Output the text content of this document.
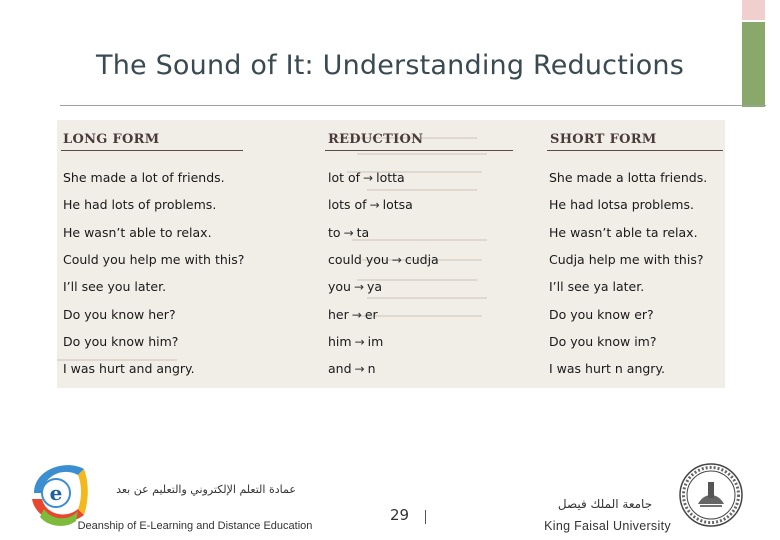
The Sound of It: Understanding Reductions
LONG FORM	REDUCTION	SHORT FORM
She made a lot of friends.	lot of → lotta	She made a lotta friends.
He had lots of problems.	lots of → lotsa	He had lotsa problems.
He wasn’t able to relax.	to → ta	He wasn’t able ta relax.
Could you help me with this?	could you → cudja	Cudja help me with this?
I’ll see you later.	you → ya	I’ll see ya later.
Do you know her?	her → er	Do you know er?
Do you know him?	him → im	Do you know im?
I was hurt and angry.	and → n	I was hurt n angry.
e	عمادة التعلم الإلكتروني والتعليم عن بعد
Deanship of E-Learning and Distance Education
29
جامعة الملك فيصل
King Faisal University
